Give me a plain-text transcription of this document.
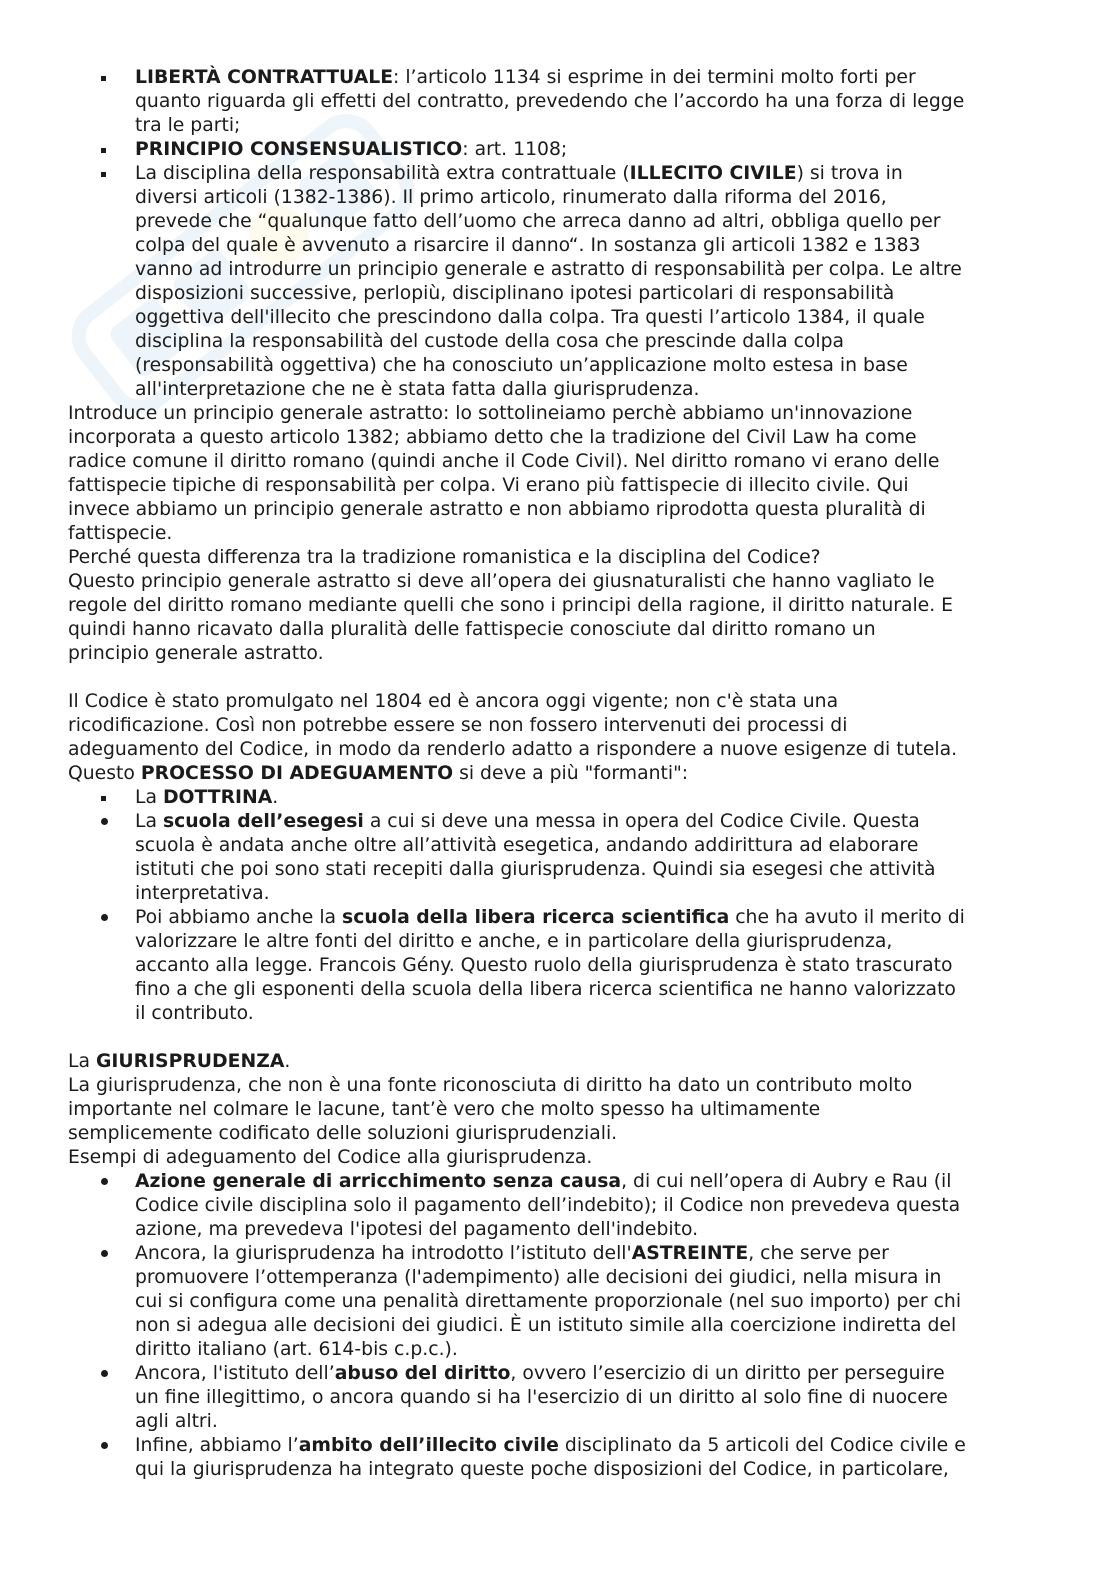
LIBERTÀ CONTRATTUALE: l’articolo 1134 si esprime in dei termini molto forti per
quanto riguarda gli effetti del contratto, prevedendo che l’accordo ha una forza di legge
tra le parti;
PRINCIPIO CONSENSUALISTICO: art. 1108;
La disciplina della responsabilità extra contrattuale (ILLECITO CIVILE) si trova in
diversi articoli (1382-1386). Il primo articolo, rinumerato dalla riforma del 2016,
prevede che “qualunque fatto dell’uomo che arreca danno ad altri, obbliga quello per
colpa del quale è avvenuto a risarcire il danno“. In sostanza gli articoli 1382 e 1383
vanno ad introdurre un principio generale e astratto di responsabilità per colpa. Le altre
disposizioni successive, perlopiù, disciplinano ipotesi particolari di responsabilità
oggettiva dell'illecito che prescindono dalla colpa. Tra questi l’articolo 1384, il quale
disciplina la responsabilità del custode della cosa che prescinde dalla colpa
(responsabilità oggettiva) che ha conosciuto un’applicazione molto estesa in base
all'interpretazione che ne è stata fatta dalla giurisprudenza.
Introduce un principio generale astratto: lo sottolineiamo perchè abbiamo un'innovazione
incorporata a questo articolo 1382; abbiamo detto che la tradizione del Civil Law ha come
radice comune il diritto romano (quindi anche il Code Civil). Nel diritto romano vi erano delle
fattispecie tipiche di responsabilità per colpa. Vi erano più fattispecie di illecito civile. Qui
invece abbiamo un principio generale astratto e non abbiamo riprodotta questa pluralità di
fattispecie.
Perché questa differenza tra la tradizione romanistica e la disciplina del Codice?
Questo principio generale astratto si deve all’opera dei giusnaturalisti che hanno vagliato le
regole del diritto romano mediante quelli che sono i principi della ragione, il diritto naturale. E
quindi hanno ricavato dalla pluralità delle fattispecie conosciute dal diritto romano un
principio generale astratto.
Il Codice è stato promulgato nel 1804 ed è ancora oggi vigente; non c'è stata una
ricodificazione. Così non potrebbe essere se non fossero intervenuti dei processi di
adeguamento del Codice, in modo da renderlo adatto a rispondere a nuove esigenze di tutela.
Questo PROCESSO DI ADEGUAMENTO si deve a più "formanti":
La DOTTRINA.
La scuola dell’esegesi a cui si deve una messa in opera del Codice Civile. Questa
scuola è andata anche oltre all’attività esegetica, andando addirittura ad elaborare
istituti che poi sono stati recepiti dalla giurisprudenza. Quindi sia esegesi che attività
interpretativa.
Poi abbiamo anche la scuola della libera ricerca scientifica che ha avuto il merito di
valorizzare le altre fonti del diritto e anche, e in particolare della giurisprudenza,
accanto alla legge. Francois Gény. Questo ruolo della giurisprudenza è stato trascurato
fino a che gli esponenti della scuola della libera ricerca scientifica ne hanno valorizzato
il contributo.
La GIURISPRUDENZA.
La giurisprudenza, che non è una fonte riconosciuta di diritto ha dato un contributo molto
importante nel colmare le lacune, tant’è vero che molto spesso ha ultimamente
semplicemente codificato delle soluzioni giurisprudenziali.
Esempi di adeguamento del Codice alla giurisprudenza.
Azione generale di arricchimento senza causa, di cui nell’opera di Aubry e Rau (il
Codice civile disciplina solo il pagamento dell’indebito); il Codice non prevedeva questa
azione, ma prevedeva l'ipotesi del pagamento dell'indebito.
Ancora, la giurisprudenza ha introdotto l’istituto dell'ASTREINTE, che serve per
promuovere l’ottemperanza (l'adempimento) alle decisioni dei giudici, nella misura in
cui si configura come una penalità direttamente proporzionale (nel suo importo) per chi
non si adegua alle decisioni dei giudici. È un istituto simile alla coercizione indiretta del
diritto italiano (art. 614-bis c.p.c.).
Ancora, l'istituto dell’abuso del diritto, ovvero l’esercizio di un diritto per perseguire
un fine illegittimo, o ancora quando si ha l'esercizio di un diritto al solo fine di nuocere
agli altri.
Infine, abbiamo l’ambito dell’illecito civile disciplinato da 5 articoli del Codice civile e
qui la giurisprudenza ha integrato queste poche disposizioni del Codice, in particolare,
